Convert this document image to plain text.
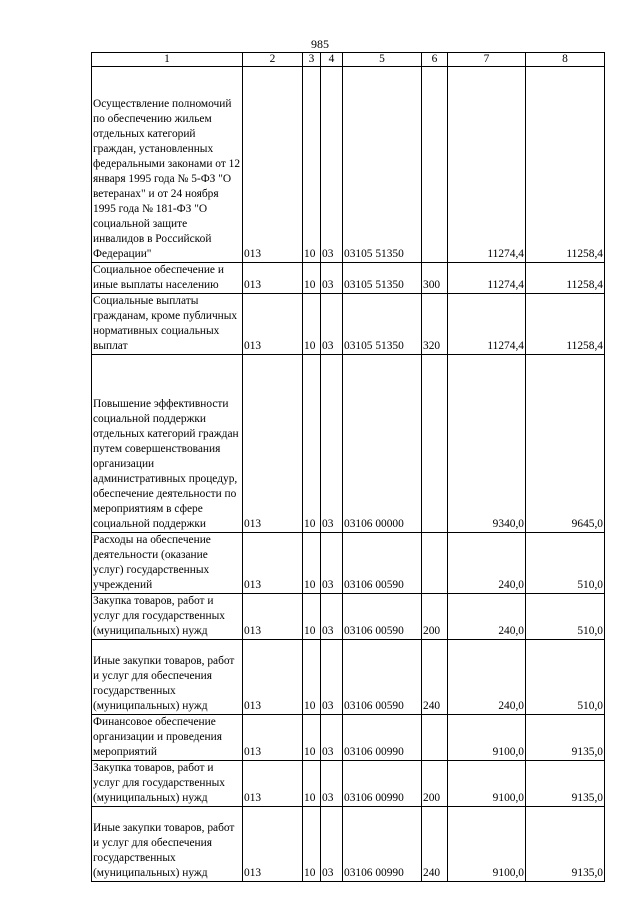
985
1	2	3	4	5	6	7	8
Осуществление полномочий по обеспечению жильем отдельных категорий граждан, установленных федеральными законами от 12 января 1995 года № 5-ФЗ "О ветеранах" и от 24 ноября 1995 года № 181-ФЗ "О социальной защите инвалидов в Российской Федерации"	013	10	03	03105 51350		11274,4	11258,4
Социальное обеспечение и иные выплаты населению	013	10	03	03105 51350	300	11274,4	11258,4
Социальные выплаты гражданам, кроме публичных нормативных социальных выплат	013	10	03	03105 51350	320	11274,4	11258,4
Повышение эффективности социальной поддержки отдельных категорий граждан путем совершенствования организации административных процедур, обеспечение деятельности по мероприятиям в сфере социальной поддержки	013	10	03	03106 00000		9340,0	9645,0
Расходы на обеспечение деятельности (оказание услуг) государственных учреждений	013	10	03	03106 00590		240,0	510,0
Закупка товаров, работ и услуг для государственных (муниципальных) нужд	013	10	03	03106 00590	200	240,0	510,0
Иные закупки товаров, работ и услуг для обеспечения государственных (муниципальных) нужд	013	10	03	03106 00590	240	240,0	510,0
Финансовое обеспечение организации и проведения мероприятий	013	10	03	03106 00990		9100,0	9135,0
Закупка товаров, работ и услуг для государственных (муниципальных) нужд	013	10	03	03106 00990	200	9100,0	9135,0
Иные закупки товаров, работ и услуг для обеспечения государственных (муниципальных) нужд	013	10	03	03106 00990	240	9100,0	9135,0
